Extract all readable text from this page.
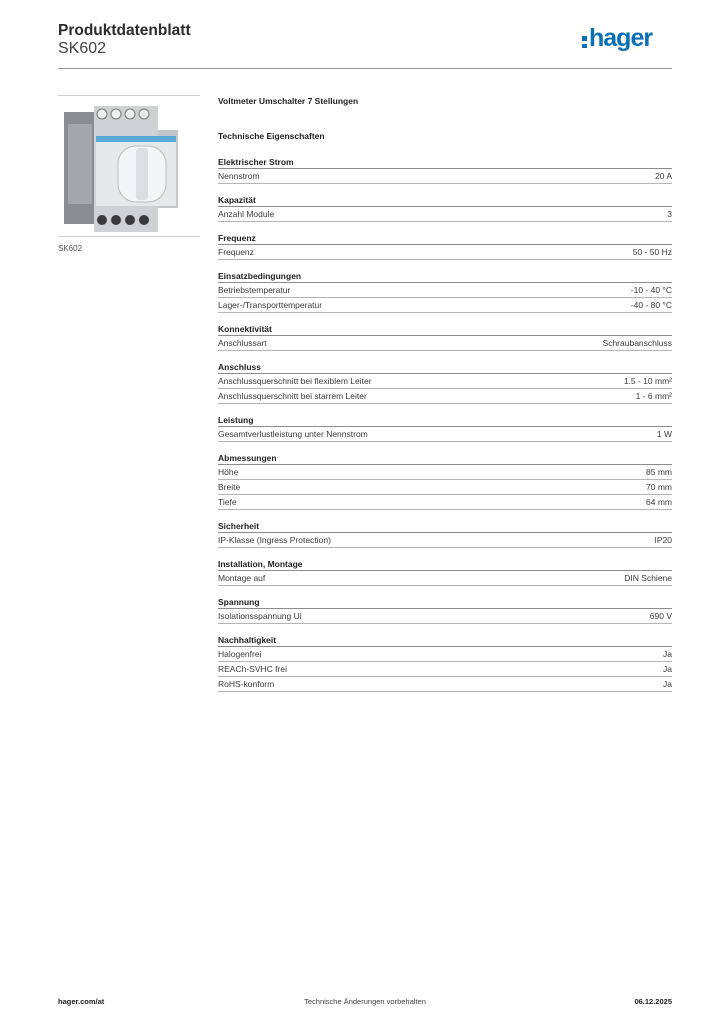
Produktdatenblatt
SK602	hager
SK602
Voltmeter Umschalter 7 Stellungen
Technische Eigenschaften
Elektrischer Strom
Nennstrom	20 A
Kapazität
Anzahl Module	3
Frequenz
Frequenz	50 - 50 Hz
Einsatzbedingungen
Betriebstemperatur	-10 - 40 °C
Lager-/Transporttemperatur	-40 - 80 °C
Konnektivität
Anschlussart	Schraubanschluss
Anschluss
Anschlussquerschnitt bei flexiblem Leiter	1.5 - 10 mm²
Anschlussquerschnitt bei starrem Leiter	1 - 6 mm²
Leistung
Gesamtverlustleistung unter Nennstrom	1 W
Abmessungen
Höhe	85 mm
Breite	70 mm
Tiefe	64 mm
Sicherheit
IP-Klasse (Ingress Protection)	IP20
Installation, Montage
Montage auf	DIN Schiene
Spannung
Isolationsspannung Ui	690 V
Nachhaltigkeit
Halogenfrei	Ja
REACh-SVHC frei	Ja
RoHS-konform	Ja
hager.com/at	Technische Änderungen vorbehalten	06.12.2025
